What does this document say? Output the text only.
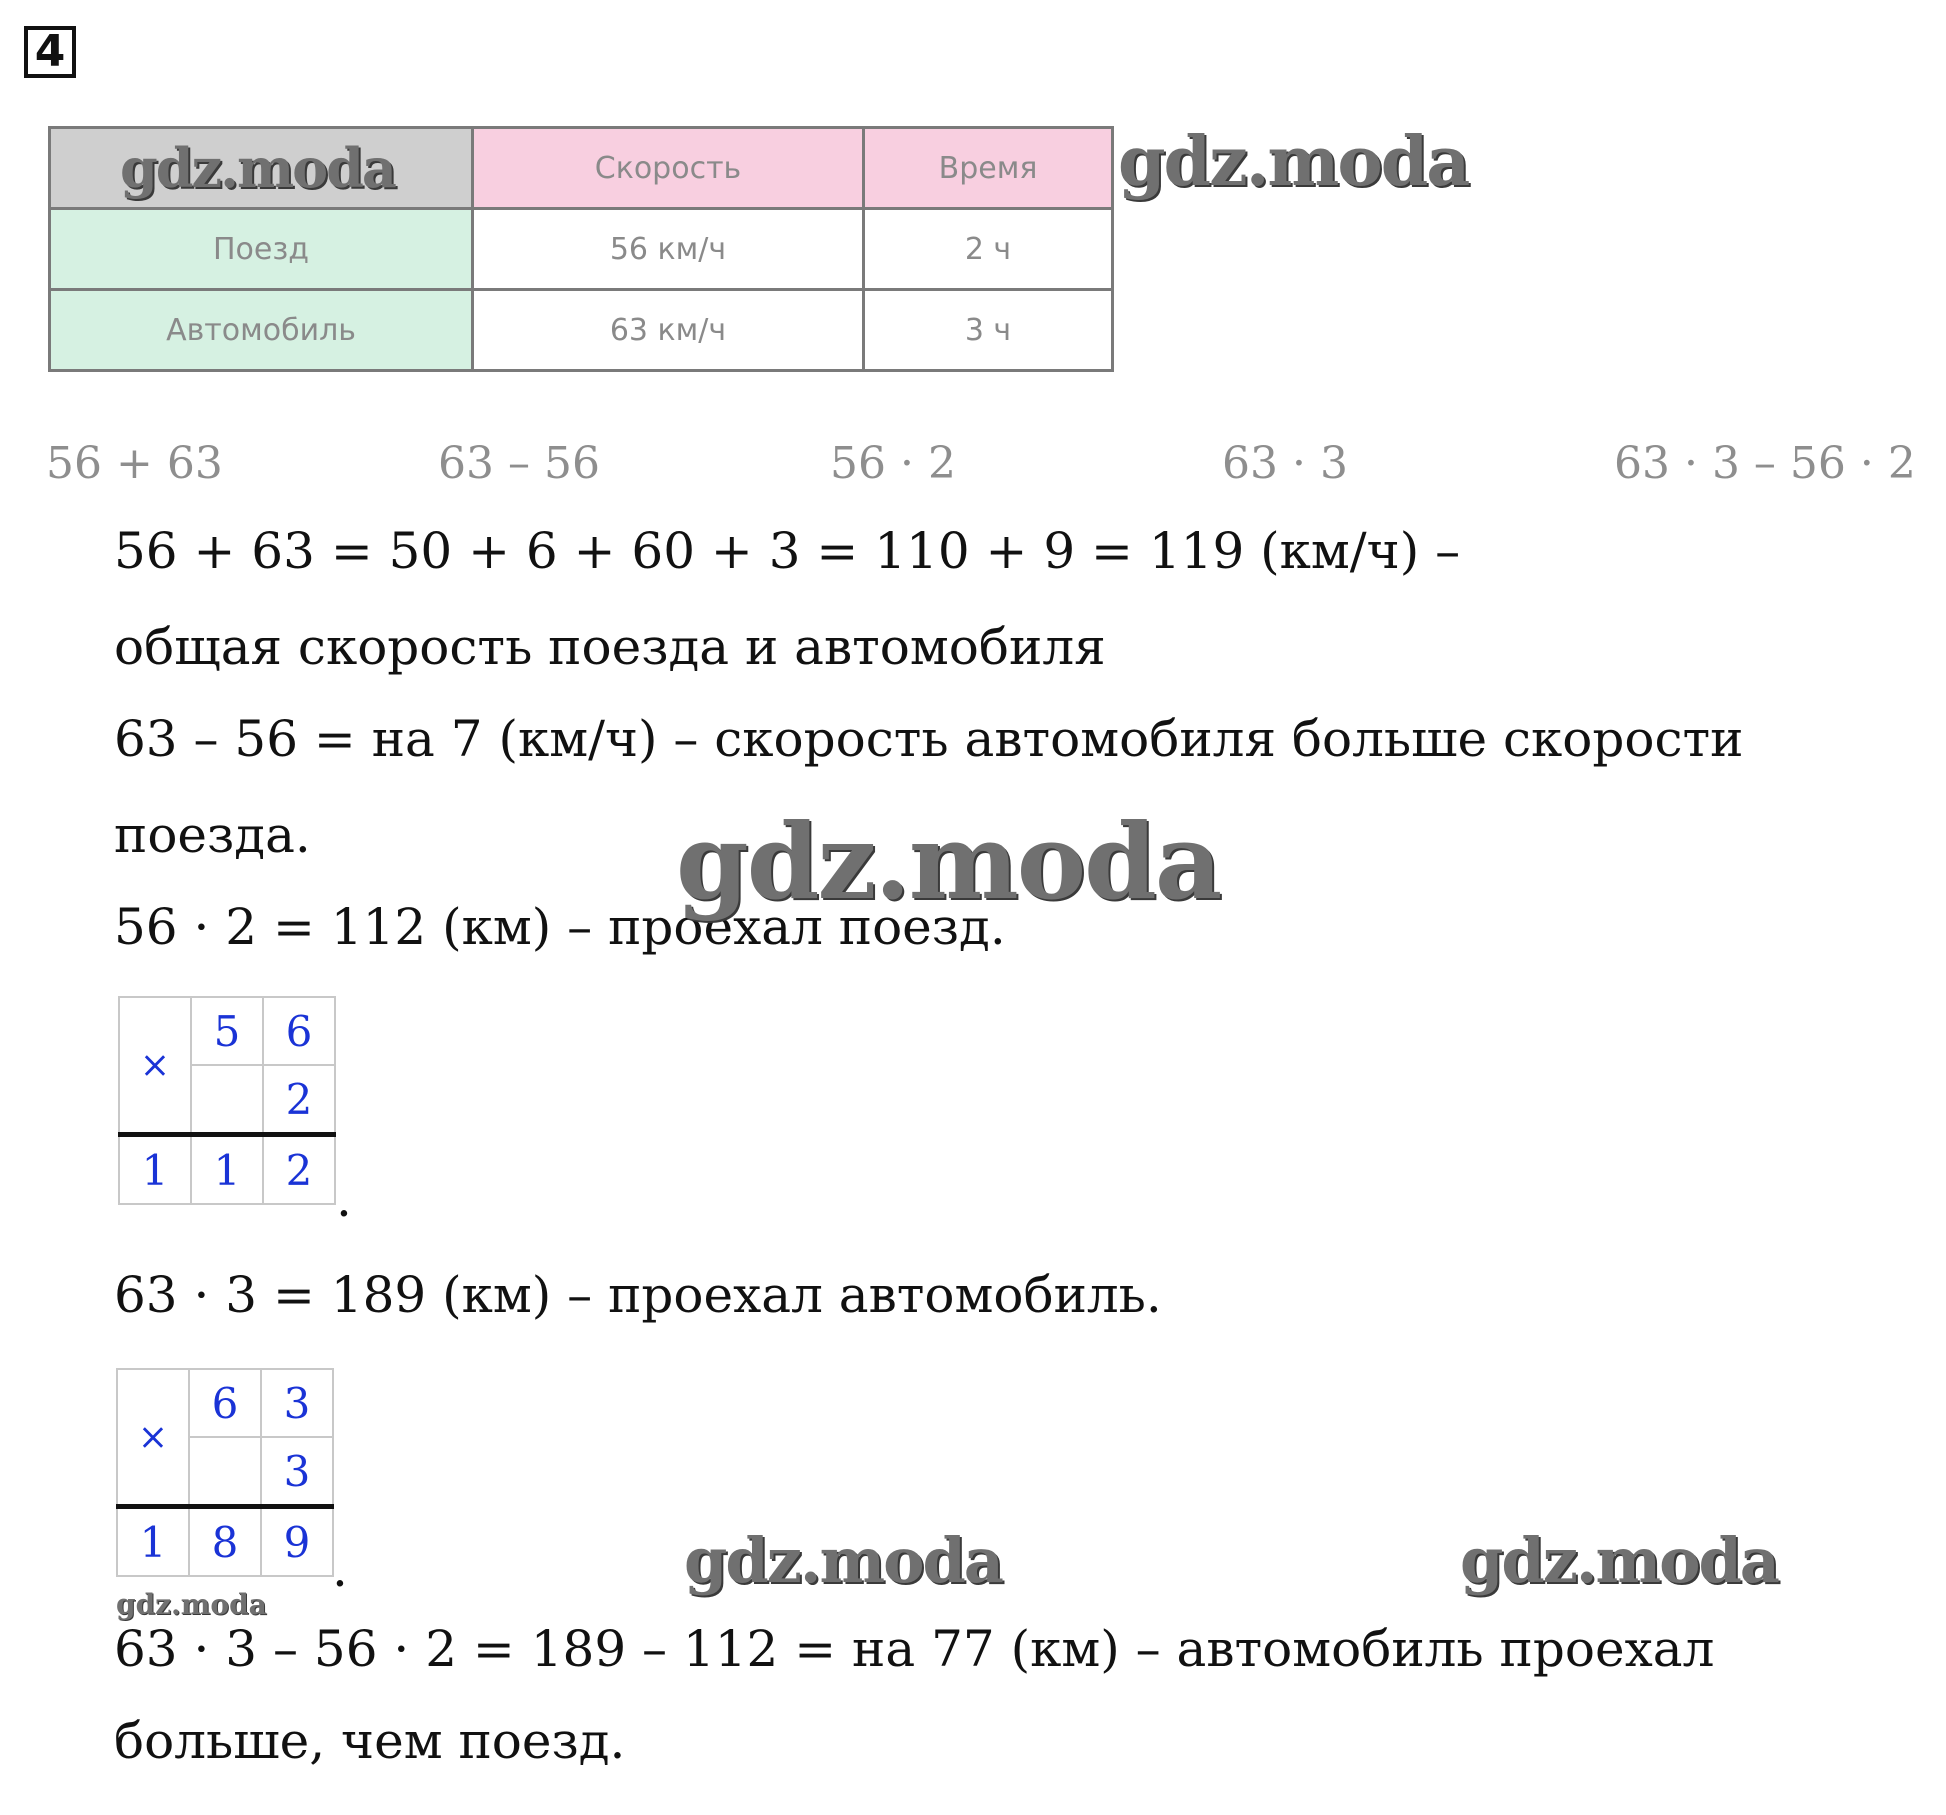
4
	Скорость	Время
Поезд	56 км/ч	2 ч
Автомобиль	63 км/ч	3 ч
56 + 63	63 – 56	56 · 2	63 · 3	63 · 3 – 56 · 2
56 + 63 = 50 + 6 + 60 + 3 = 110 + 9 = 119 (км/ч) –
общая скорость поезда и автомобиля
63 – 56 = на 7 (км/ч) – скорость автомобиля больше скорости
поезда.
56 · 2 = 112 (км) – проехал поезд.
×	5	6
		2
1	1	2 .
63 · 3 = 189 (км) – проехал автомобиль.
×	6	3
		3
1	8	9 .
63 · 3 – 56 · 2 = 189 – 112 = на 77 (км) – автомобиль проехал
больше, чем поезд.
gdz.moda	gdz.moda
gdz.moda
gdz.moda	gdz.moda
gdz.moda
